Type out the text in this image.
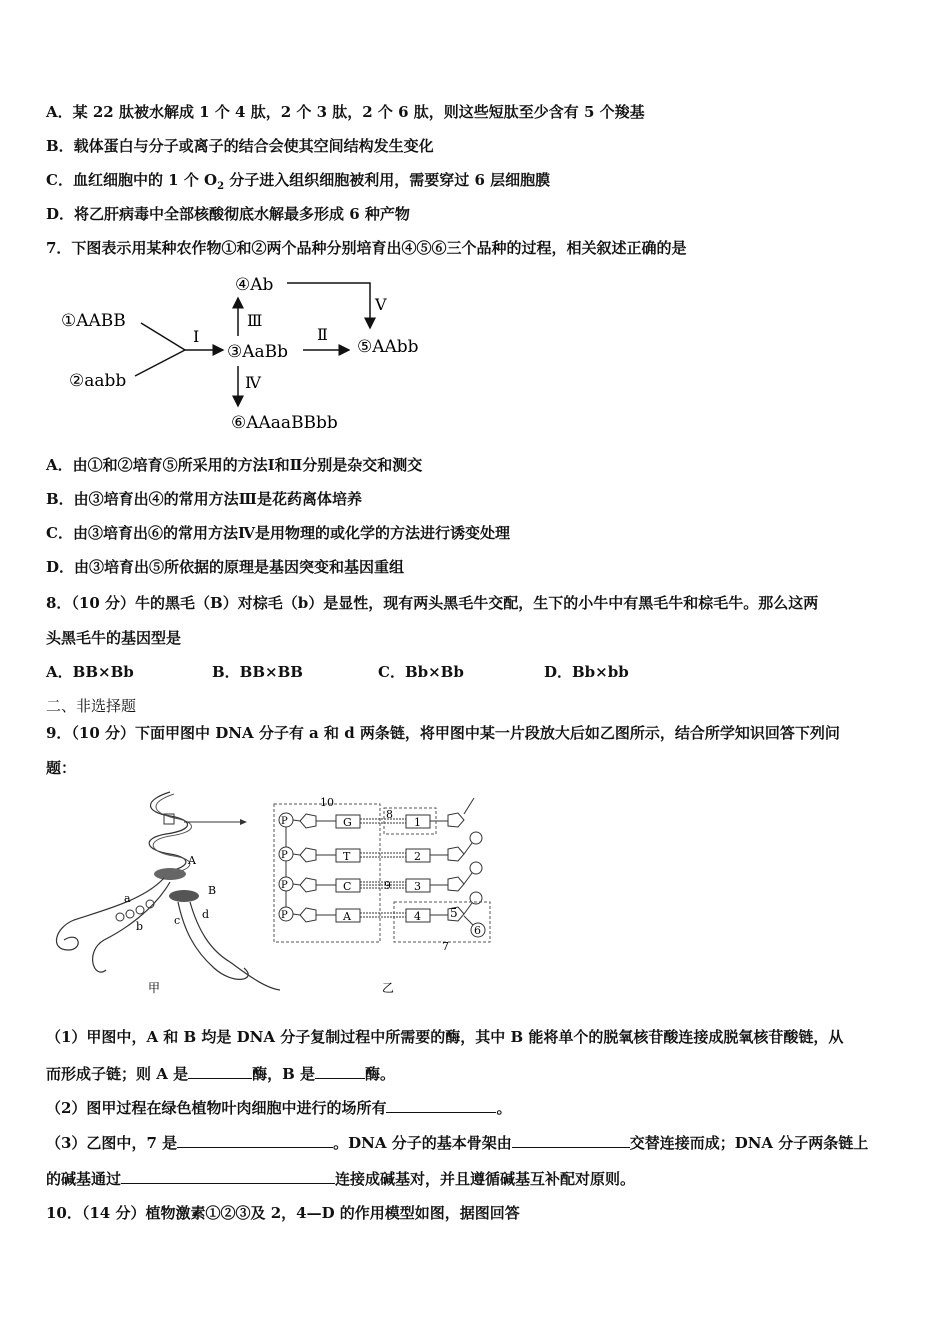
A．某 22 肽被水解成 1 个 4 肽，2 个 3 肽，2 个 6 肽，则这些短肽至少含有 5 个羧基
B．载体蛋白与分子或离子的结合会使其空间结构发生变化
C．血红细胞中的 1 个 $O_2$ 分子进入组织细胞被利用，需要穿过 6 层细胞膜
D．将乙肝病毒中全部核酸彻底水解最多形成 6 种产物
7．下图表示用某种农作物①和②两个品种分别培育出④⑤⑥三个品种的过程，相关叙述正确的是
①AABB
②aabb
③AaBb
④Ab
⑤AAbb
⑥AAaaBBbb
Ⅰ	Ⅱ
Ⅲ
Ⅳ
Ⅴ
A．由①和②培育⑤所采用的方法Ⅰ和Ⅱ分别是杂交和测交
B．由③培育出④的常用方法Ⅲ是花药离体培养
C．由③培育出⑥的常用方法Ⅳ是用物理的或化学的方法进行诱变处理
D．由③培育出⑤所依据的原理是基因突变和基因重组
8．（10 分）牛的黑毛（B）对棕毛（b）是显性，现有两头黑毛牛交配，生下的小牛中有黑毛牛和棕毛牛。那么这两
头黑毛牛的基因型是
A．BB×Bb	B．BB×BB	C．Bb×Bb	D．Bb×bb
二、非选择题
9．（10 分）下面甲图中 DNA 分子有 a 和 d 两条链，将甲图中某一片段放大后如乙图所示，结合所学知识回答下列问
题：
A
B
a
b	c d
甲
10
P	G	1
8
P	T	2
P	C	9 3
P	A	4 5
6
7
乙
（1）甲图中，A 和 B 均是 DNA 分子复制过程中所需要的酶，其中 B 能将单个的脱氧核苷酸连接成脱氧核苷酸链，从
而形成子链；则 A 是	酶，B 是	酶。
（2）图甲过程在绿色植物叶肉细胞中进行的场所有	。
（3）乙图中，7 是	。DNA 分子的基本骨架由	交替连接而成；DNA 分子两条链上
的碱基通过	连接成碱基对，并且遵循碱基互补配对原则。
10．（14 分）植物激素①②③及 2，4—D 的作用模型如图，据图回答
